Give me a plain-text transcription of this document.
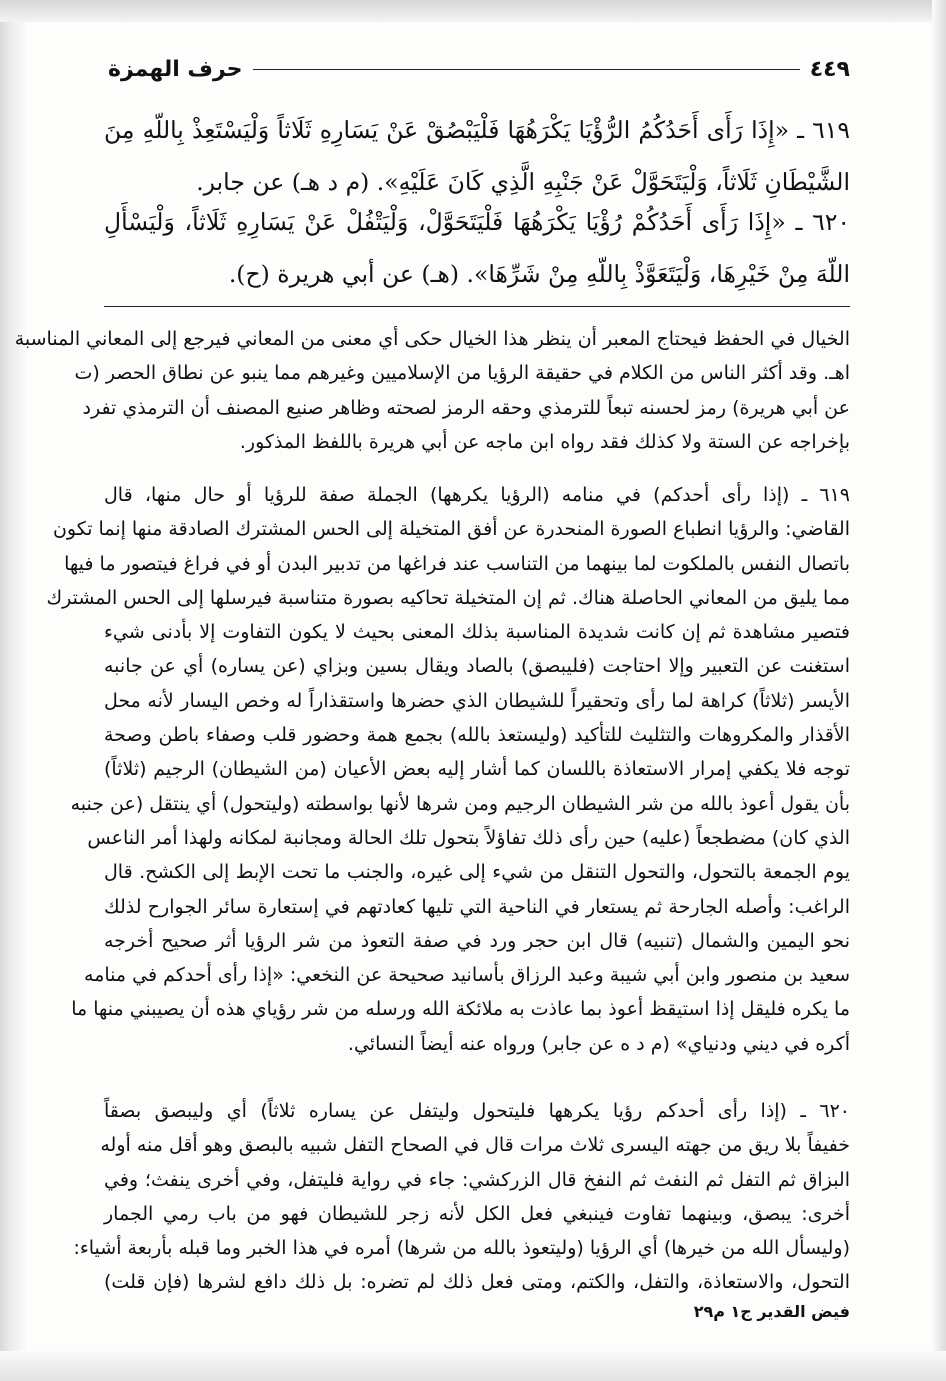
حرف الهمزة	٤٤٩
٦١٩ ـ «إِذَا رَأَى أَحَدُكُمُ الرُّؤْيَا يَكْرَهُهَا فَلْيَبْصُقْ عَنْ يَسَارِهِ ثَلَاثاً وَلْيَسْتَعِذْ بِاللّهِ مِنَ
الشَّيْطَانِ ثَلَاثاً، وَلْيَتَحَوَّلْ عَنْ جَنْبِهِ الَّذِي كَانَ عَلَيْهِ». (م د هـ) عن جابر.
٦٢٠ ـ «إِذَا رَأَى أَحَدُكُمْ رُؤْيَا يَكْرَهُهَا فَلْيَتَحَوَّلْ، وَلْيَتْفُلْ عَنْ يَسَارِهِ ثَلَاثاً، وَلْيَسْأَلِ
اللّهَ مِنْ خَيْرِهَا، وَلْيَتَعَوَّذْ بِاللّهِ مِنْ شَرِّهَا». (هـ) عن أبي هريرة (ح).
الخيال في الحفظ فيحتاج المعبر أن ينظر هذا الخيال حكى أي معنى من المعاني فيرجع إلى المعاني المناسبة
اهـ. وقد أكثر الناس من الكلام في حقيقة الرؤيا من الإسلاميين وغيرهم مما ينبو عن نطاق الحصر (ت
عن أبي هريرة) رمز لحسنه تبعاً للترمذي وحقه الرمز لصحته وظاهر صنيع المصنف أن الترمذي تفرد
بإخراجه عن الستة ولا كذلك فقد رواه ابن ماجه عن أبي هريرة باللفظ المذكور.
٦١٩ ـ (إذا رأى أحدكم) في منامه (الرؤيا يكرهها) الجملة صفة للرؤيا أو حال منها، قال
القاضي: والرؤيا انطباع الصورة المنحدرة عن أفق المتخيلة إلى الحس المشترك الصادقة منها إنما تكون
باتصال النفس بالملكوت لما بينهما من التناسب عند فراغها من تدبير البدن أو في فراغ فيتصور ما فيها
مما يليق من المعاني الحاصلة هناك. ثم إن المتخيلة تحاكيه بصورة متناسبة فيرسلها إلى الحس المشترك
فتصير مشاهدة ثم إن كانت شديدة المناسبة بذلك المعنى بحيث لا يكون التفاوت إلا بأدنى شيء
استغنت عن التعبير وإلا احتاجت (فليبصق) بالصاد ويقال بسين وبزاي (عن يساره) أي عن جانبه
الأيسر (ثلاثاً) كراهة لما رأى وتحقيراً للشيطان الذي حضرها واستقذاراً له وخص اليسار لأنه محل
الأقذار والمكروهات والتثليث للتأكيد (وليستعذ بالله) بجمع همة وحضور قلب وصفاء باطن وصحة
توجه فلا يكفي إمرار الاستعاذة باللسان كما أشار إليه بعض الأعيان (من الشيطان) الرجيم (ثلاثاً)
بأن يقول أعوذ بالله من شر الشيطان الرجيم ومن شرها لأنها بواسطته (وليتحول) أي ينتقل (عن جنبه
الذي كان) مضطجعاً (عليه) حين رأى ذلك تفاؤلاً بتحول تلك الحالة ومجانبة لمكانه ولهذا أمر الناعس
يوم الجمعة بالتحول، والتحول التنقل من شيء إلى غيره، والجنب ما تحت الإبط إلى الكشح. قال
الراغب: وأصله الجارحة ثم يستعار في الناحية التي تليها كعادتهم في إستعارة سائر الجوارح لذلك
نحو اليمين والشمال (تنبيه) قال ابن حجر ورد في صفة التعوذ من شر الرؤيا أثر صحيح أخرجه
سعيد بن منصور وابن أبي شيبة وعبد الرزاق بأسانيد صحيحة عن النخعي: «إذا رأى أحدكم في منامه
ما يكره فليقل إذا استيقظ أعوذ بما عاذت به ملائكة الله ورسله من شر رؤياي هذه أن يصيبني منها ما
أكره في ديني ودنياي» (م د ه عن جابر) ورواه عنه أيضاً النسائي.
٦٢٠ ـ (إذا رأى أحدكم رؤيا يكرهها فليتحول وليتفل عن يساره ثلاثاً) أي وليبصق بصقاً
خفيفاً بلا ريق من جهته اليسرى ثلاث مرات قال في الصحاح التفل شبيه بالبصق وهو أقل منه أوله
البزاق ثم التفل ثم النفث ثم النفخ قال الزركشي: جاء في رواية فليتفل، وفي أخرى ينفث؛ وفي
أخرى: يبصق، وبينهما تفاوت فينبغي فعل الكل لأنه زجر للشيطان فهو من باب رمي الجمار
(وليسأل الله من خيرها) أي الرؤيا (وليتعوذ بالله من شرها) أمره في هذا الخبر وما قبله بأربعة أشياء:
التحول، والاستعاذة، والتفل، والكتم، ومتى فعل ذلك لم تضره: بل ذلك دافع لشرها (فإن قلت)
فيض القدير ج١ م٢٩
